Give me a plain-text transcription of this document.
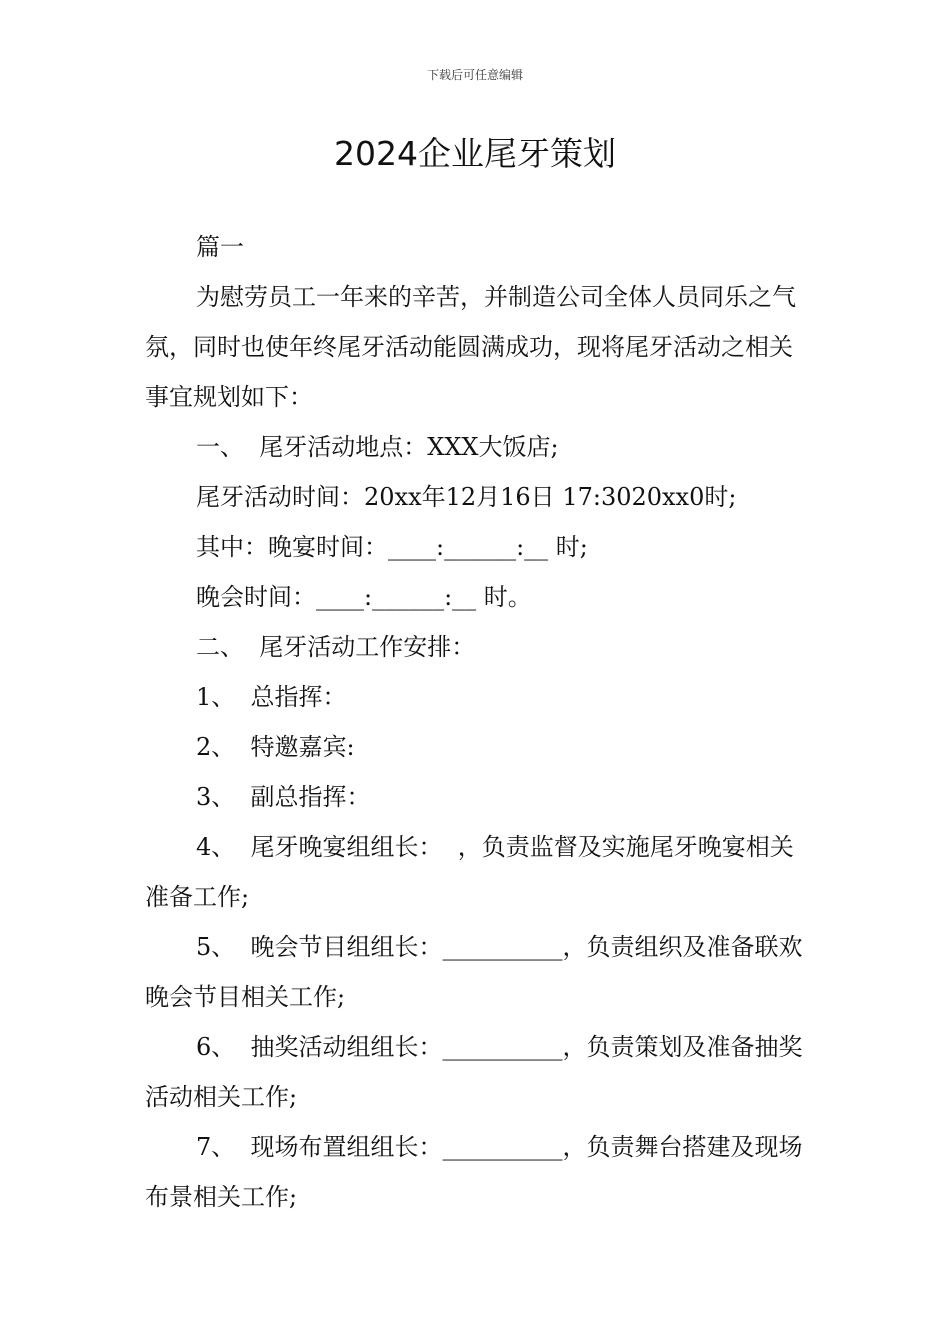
下载后可任意编辑
2024企业尾牙策划

篇一

为慰劳员工一年来的辛苦，并制造公司全体人员同乐之气氛，同时也使年终尾牙活动能圆满成功，现将尾牙活动之相关事宜规划如下：

一、  尾牙活动地点：XXX大饭店;

尾牙活动时间：20xx年12月16日 17:3020xx0时;

其中：晚宴时间：____:______:__ 时;

晚会时间：____:______:__ 时。

二、  尾牙活动工作安排：

1、  总指挥：

2、  特邀嘉宾:

3、  副总指挥：

4、  尾牙晚宴组组长：  ，负责监督及实施尾牙晚宴相关准备工作;

5、  晚会节目组组长：__________，负责组织及准备联欢晚会节目相关工作;

6、  抽奖活动组组长：__________，负责策划及准备抽奖活动相关工作;

7、  现场布置组组长：__________，负责舞台搭建及现场布景相关工作;
